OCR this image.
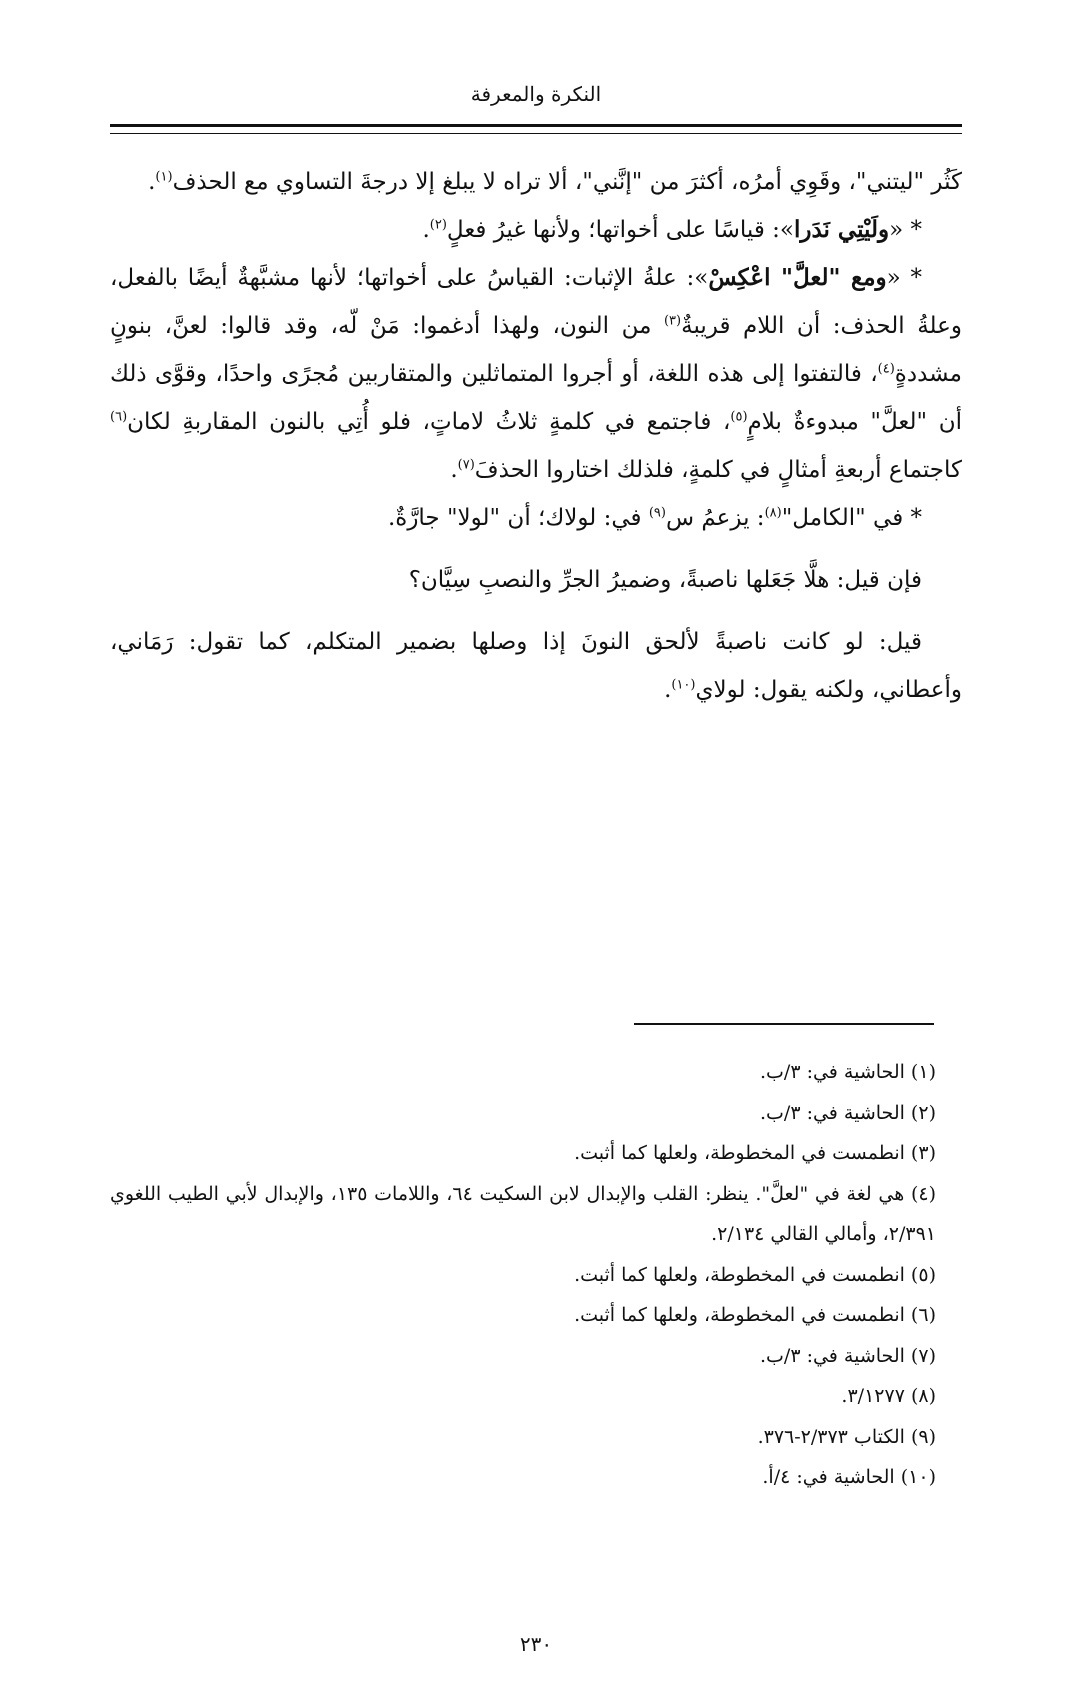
النكرة والمعرفة

كَثُر "ليتني"، وقَوِي أمرُه، أكثرَ من "إنَّني"، ألا تراه لا يبلغ إلا درجةَ التساوي مع الحذف$^{(١)}$.

* «ولَيْتِي نَدَرا»: قياسًا على أخواتها؛ ولأنها غيرُ فعلٍ$^{(٢)}$.

* «ومع "لعلَّ" اعْكِسْ»: علةُ الإثبات: القياسُ على أخواتها؛ لأنها مشبَّهةٌ أيضًا بالفعل، وعلةُ الحذف: أن اللام قريبةٌ$^{(٣)}$ من النون، ولهذا أدغموا: مَنْ لّه، وقد قالوا: لعنَّ، بنونٍ مشددةٍ$^{(٤)}$، فالتفتوا إلى هذه اللغة، أو أجروا المتماثلين والمتقاربين مُجرًى واحدًا، وقوَّى ذلك أن "لعلَّ" مبدوءةٌ بلامٍ$^{(٥)}$، فاجتمع في كلمةٍ ثلاثُ لاماتٍ، فلو أُتِي بالنون المقاربةِ لكان$^{(٦)}$ كاجتماع أربعةِ أمثالٍ في كلمةٍ، فلذلك اختاروا الحذفَ$^{(٧)}$.

* في "الكامل"$^{(٨)}$: يزعمُ س$^{(٩)}$ في: لولاك؛ أن "لولا" جارَّةٌ.

فإن قيل: هلَّا جَعَلها ناصبةً، وضميرُ الجرِّ والنصبِ سِيَّان؟

قيل: لو كانت ناصبةً لألحق النونَ إذا وصلها بضمير المتكلم، كما تقول: رَمَاني، وأعطاني، ولكنه يقول: لولاي$^{(١٠)}$.

(١) الحاشية في: ٣/ب.

(٢) الحاشية في: ٣/ب.

(٣) انطمست في المخطوطة، ولعلها كما أثبت.

(٤) هي لغة في "لعلَّ". ينظر: القلب والإبدال لابن السكيت ٦٤، واللامات ١٣٥، والإبدال لأبي الطيب اللغوي ٢/٣٩١، وأمالي القالي ٢/١٣٤.

(٥) انطمست في المخطوطة، ولعلها كما أثبت.

(٦) انطمست في المخطوطة، ولعلها كما أثبت.

(٧) الحاشية في: ٣/ب.

(٨) ٣/١٢٧٧.

(٩) الكتاب ٢/٣٧٣-٣٧٦.

(١٠) الحاشية في: ٤/أ.

٢٣٠
